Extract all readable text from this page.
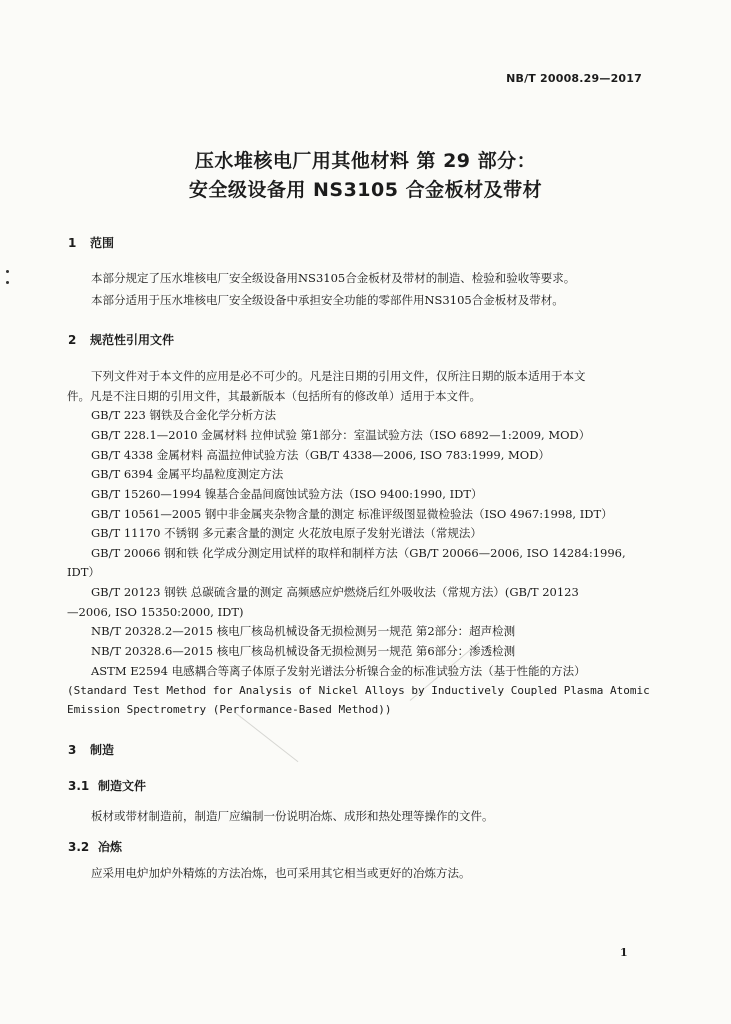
NB/T 20008.29—2017
压水堆核电厂用其他材料 第 29 部分：
安全级设备用 NS3105 合金板材及带材
1 范围
本部分规定了压水堆核电厂安全级设备用NS3105合金板材及带材的制造、检验和验收等要求。
本部分适用于压水堆核电厂安全级设备中承担安全功能的零部件用NS3105合金板材及带材。
2 规范性引用文件
下列文件对于本文件的应用是必不可少的。凡是注日期的引用文件，仅所注日期的版本适用于本文
件。凡是不注日期的引用文件，其最新版本（包括所有的修改单）适用于本文件。
GB/T 223 钢铁及合金化学分析方法
GB/T 228.1—2010 金属材料 拉伸试验 第1部分：室温试验方法（ISO 6892—1:2009, MOD）
GB/T 4338 金属材料 高温拉伸试验方法（GB/T 4338—2006, ISO 783:1999, MOD）
GB/T 6394 金属平均晶粒度测定方法
GB/T 15260—1994 镍基合金晶间腐蚀试验方法（ISO 9400:1990, IDT）
GB/T 10561—2005 钢中非金属夹杂物含量的测定 标准评级图显微检验法（ISO 4967:1998, IDT）
GB/T 11170 不锈钢 多元素含量的测定 火花放电原子发射光谱法（常规法）
GB/T 20066 钢和铁 化学成分测定用试样的取样和制样方法（GB/T 20066—2006, ISO 14284:1996,
IDT）
GB/T 20123 钢铁 总碳硫含量的测定 高频感应炉燃烧后红外吸收法（常规方法）(GB/T 20123
—2006, ISO 15350:2000, IDT)
NB/T 20328.2—2015 核电厂核岛机械设备无损检测另一规范 第2部分：超声检测
NB/T 20328.6—2015 核电厂核岛机械设备无损检测另一规范 第6部分：渗透检测
ASTM E2594 电感耦合等离子体原子发射光谱法分析镍合金的标准试验方法（基于性能的方法）
(Standard Test Method for Analysis of Nickel Alloys by Inductively Coupled Plasma Atomic
Emission Spectrometry (Performance-Based Method))
3 制造
3.1 制造文件
板材或带材制造前，制造厂应编制一份说明冶炼、成形和热处理等操作的文件。
3.2 冶炼
应采用电炉加炉外精炼的方法冶炼，也可采用其它相当或更好的冶炼方法。
1
